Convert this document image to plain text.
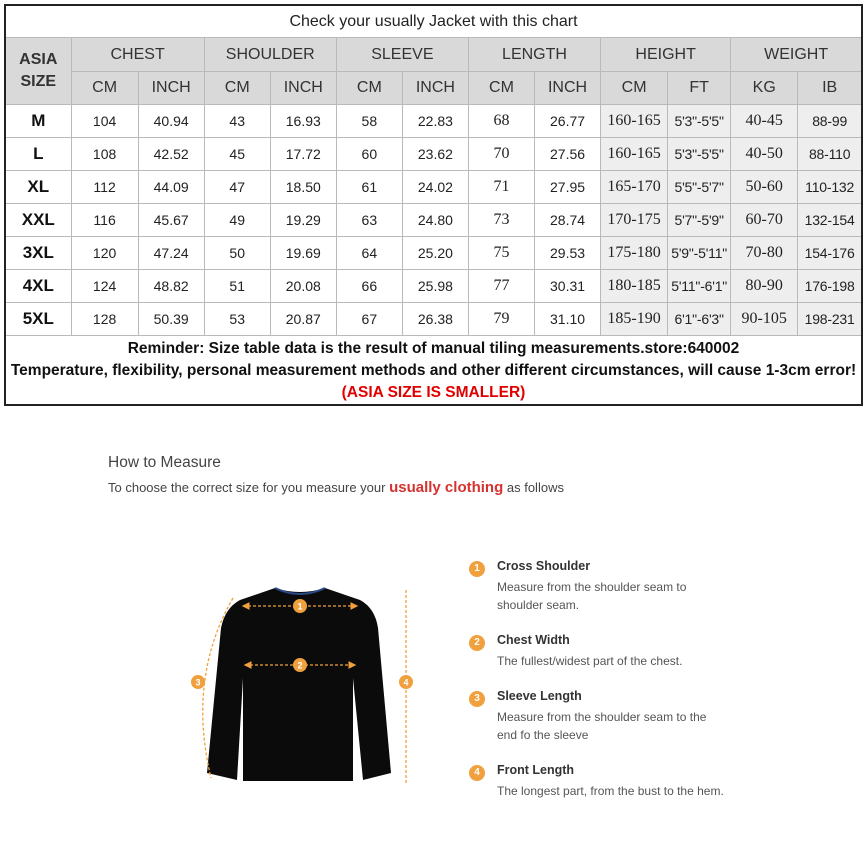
Check your usually Jacket with this chart												
ASIA
SIZE	CHEST		SHOULDER		SLEEVE		LENGTH		HEIGHT		WEIGHT	
	CM	INCH	CM	INCH	CM	INCH	CM	INCH	CM	FT	KG	IB
M	104	40.94	43	16.93	58	22.83	68	26.77	160-165	5'3"-5'5"	40-45	88-99
L	108	42.52	45	17.72	60	23.62	70	27.56	160-165	5'3"-5'5"	40-50	88-110
XL	112	44.09	47	18.50	61	24.02	71	27.95	165-170	5'5"-5'7"	50-60	110-132
XXL	116	45.67	49	19.29	63	24.80	73	28.74	170-175	5'7"-5'9"	60-70	132-154
3XL	120	47.24	50	19.69	64	25.20	75	29.53	175-180	5'9"-5'11"	70-80	154-176
4XL	124	48.82	51	20.08	66	25.98	77	30.31	180-185	5'11"-6'1"	80-90	176-198
5XL	128	50.39	53	20.87	67	26.38	79	31.10	185-190	6'1"-6'3"	90-105	198-231
Reminder: Size table data is the result of manual tiling measurements.store:640002
Temperature, flexibility, personal measurement methods and other different circumstances, will cause 1-3cm error!(ASIA SIZE IS SMALLER)												
How to Measure
To choose the correct size for you measure your usually clothing as follows
1
2
3	4
1	Cross Shoulder
Measure from the shoulder seam to shoulder seam.
2	Chest Width
The fullest/widest part of the chest.
3	Sleeve Length
Measure from the shoulder seam to the end fo the sleeve
4	Front Length
The longest part, from the bust to the hem.
